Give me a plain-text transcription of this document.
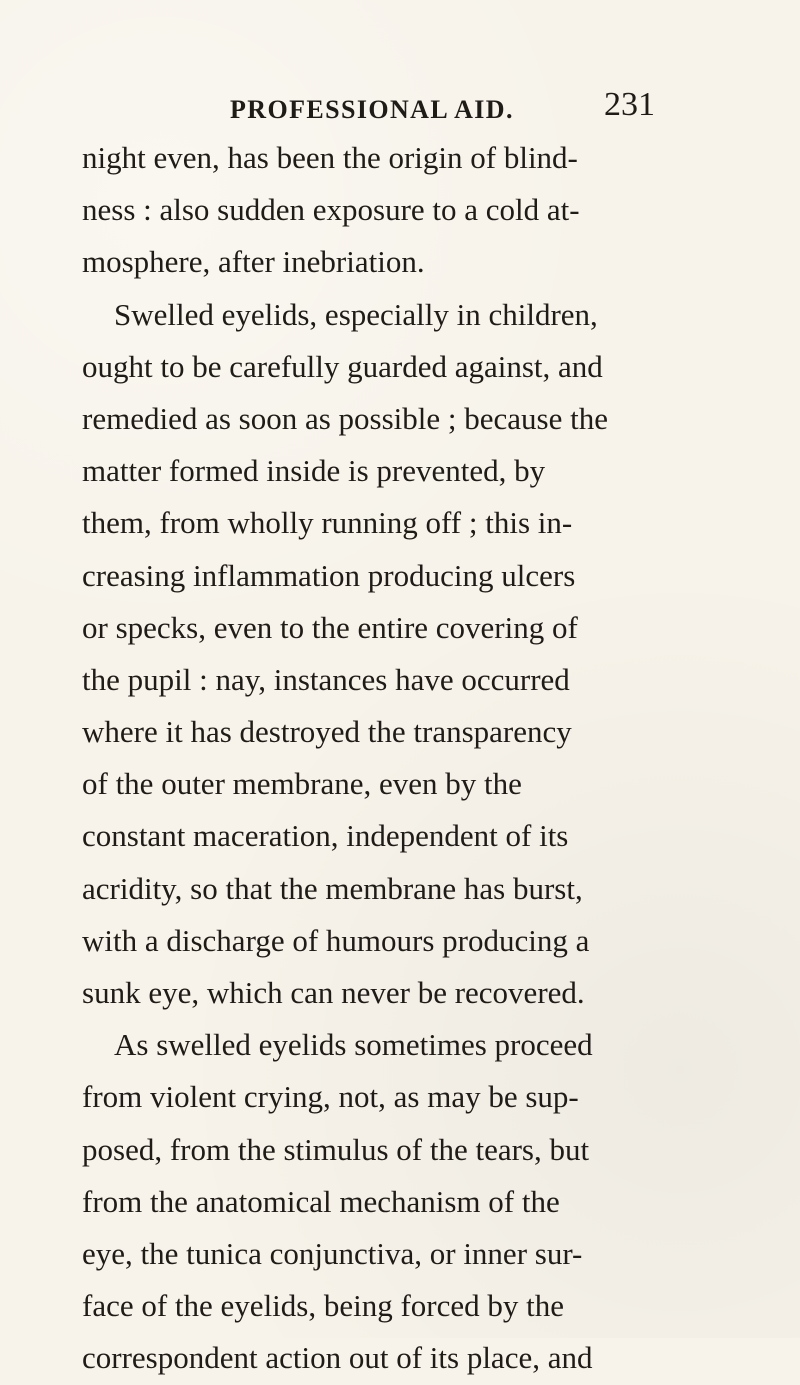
PROFESSIONAL AID.	231
night even, has been the origin of blind-
ness : also sudden exposure to a cold at-
mosphere, after inebriation.
Swelled eyelids, especially in children,
ought to be carefully guarded against, and
remedied as soon as possible ; because the
matter formed inside is prevented, by
them, from wholly running off ; this in-
creasing inflammation producing ulcers
or specks, even to the entire covering of
the pupil : nay, instances have occurred
where it has destroyed the transparency
of the outer membrane, even by the
constant maceration, independent of its
acridity, so that the membrane has burst,
with a discharge of humours producing a
sunk eye, which can never be recovered.
As swelled eyelids sometimes proceed
from violent crying, not, as may be sup-
posed, from the stimulus of the tears, but
from the anatomical mechanism of the
eye, the tunica conjunctiva, or inner sur-
face of the eyelids, being forced by the
correspondent action out of its place, and
